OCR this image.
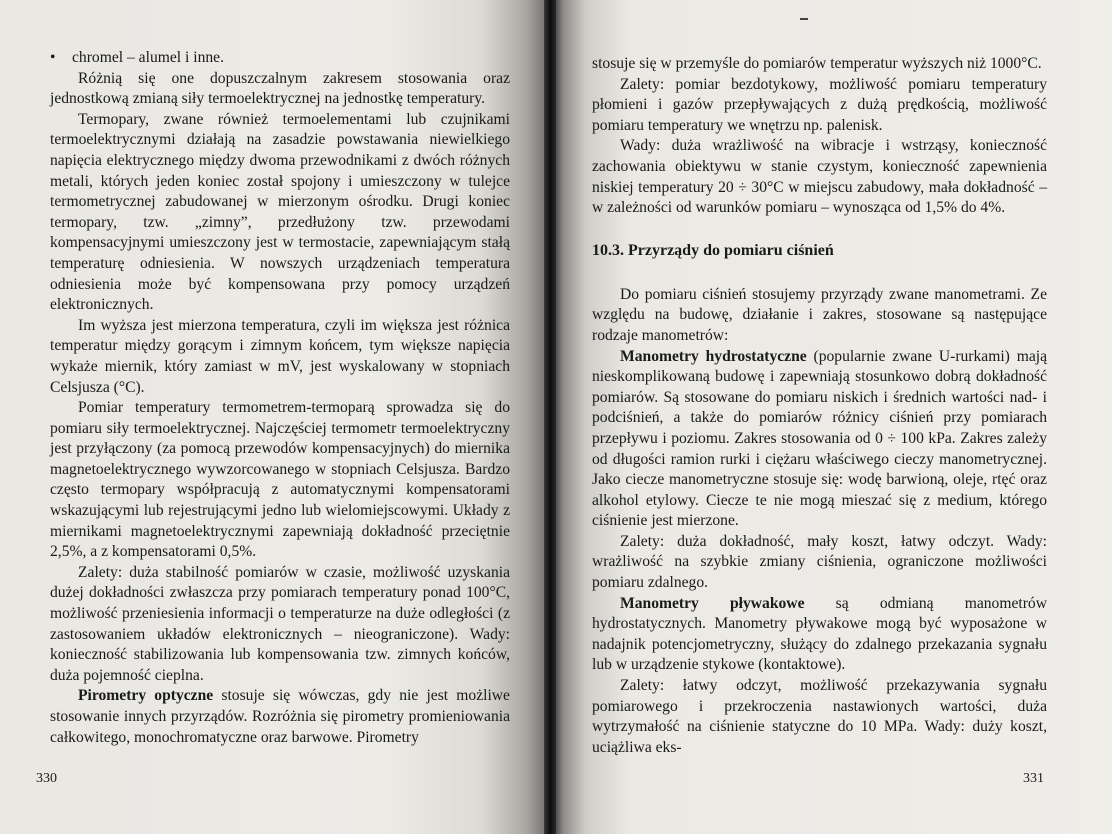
• chromel – alumel i inne.

Różnią się one dopuszczalnym zakresem stosowania oraz jednostkową zmianą siły termoelektrycznej na jednostkę temperatury.

Termopary, zwane również termoelementami lub czujnikami termoelektrycznymi działają na zasadzie powstawania niewielkiego napięcia elektrycznego między dwoma przewodnikami z dwóch różnych metali, których jeden koniec został spojony i umieszczony w tulejce termometrycznej zabudowanej w mierzonym ośrodku. Drugi koniec termopary, tzw. „zimny”, przedłużony tzw. przewodami kompensacyjnymi umieszczony jest w termostacie, zapewniającym stałą temperaturę odniesienia. W nowszych urządzeniach temperatura odniesienia może być kompensowana przy pomocy urządzeń elektronicznych.

Im wyższa jest mierzona temperatura, czyli im większa jest różnica temperatur między gorącym i zimnym końcem, tym większe napięcia wykaże miernik, który zamiast w mV, jest wyskalowany w stopniach Celsjusza (°C).

Pomiar temperatury termometrem-termoparą sprowadza się do pomiaru siły termoelektrycznej. Najczęściej termometr termoelektryczny jest przyłączony (za pomocą przewodów kompensacyjnych) do miernika magnetoelektrycznego wywzorcowanego w stopniach Celsjusza. Bardzo często termopary współpracują z automatycznymi kompensatorami wskazującymi lub rejestrującymi jedno lub wielomiejscowymi. Układy z miernikami magnetoelektrycznymi zapewniają dokładność przeciętnie 2,5%, a z kompensatorami 0,5%.

Zalety: duża stabilność pomiarów w czasie, możliwość uzyskania dużej dokładności zwłaszcza przy pomiarach temperatury ponad 100°C, możliwość przeniesienia informacji o temperaturze na duże odległości (z zastosowaniem układów elektronicznych – nieograniczone). Wady: konieczność stabilizowania lub kompensowania tzw. zimnych końców, duża pojemność cieplna.

Pirometry optyczne stosuje się wówczas, gdy nie jest możliwe stosowanie innych przyrządów. Rozróżnia się pirometry promieniowania całkowitego, monochromatyczne oraz barwowe. Pirometry

330

stosuje się w przemyśle do pomiarów temperatur wyższych niż 1000°C.

Zalety: pomiar bezdotykowy, możliwość pomiaru temperatury płomieni i gazów przepływających z dużą prędkością, możliwość pomiaru temperatury we wnętrzu np. palenisk.

Wady: duża wrażliwość na wibracje i wstrząsy, konieczność zachowania obiektywu w stanie czystym, konieczność zapewnienia niskiej temperatury 20 ÷ 30°C w miejscu zabudowy, mała dokładność – w zależności od warunków pomiaru – wynosząca od 1,5% do 4%.

10.3. Przyrządy do pomiaru ciśnień

Do pomiaru ciśnień stosujemy przyrządy zwane manometrami. Ze względu na budowę, działanie i zakres, stosowane są następujące rodzaje manometrów:

Manometry hydrostatyczne (popularnie zwane U-rurkami) mają nieskomplikowaną budowę i zapewniają stosunkowo dobrą dokładność pomiarów. Są stosowane do pomiaru niskich i średnich wartości nad- i podciśnień, a także do pomiarów różnicy ciśnień przy pomiarach przepływu i poziomu. Zakres stosowania od 0 ÷ 100 kPa. Zakres zależy od długości ramion rurki i ciężaru właściwego cieczy manometrycznej. Jako ciecze manometryczne stosuje się: wodę barwioną, oleje, rtęć oraz alkohol etylowy. Ciecze te nie mogą mieszać się z medium, którego ciśnienie jest mierzone.

Zalety: duża dokładność, mały koszt, łatwy odczyt. Wady: wrażliwość na szybkie zmiany ciśnienia, ograniczone możliwości pomiaru zdalnego.

Manometry pływakowe są odmianą manometrów hydrostatycznych. Manometry pływakowe mogą być wyposażone w nadajnik potencjometryczny, służący do zdalnego przekazania sygnału lub w urządzenie stykowe (kontaktowe).

Zalety: łatwy odczyt, możliwość przekazywania sygnału pomiarowego i przekroczenia nastawionych wartości, duża wytrzymałość na ciśnienie statyczne do 10 MPa. Wady: duży koszt, uciążliwa eks-

331
